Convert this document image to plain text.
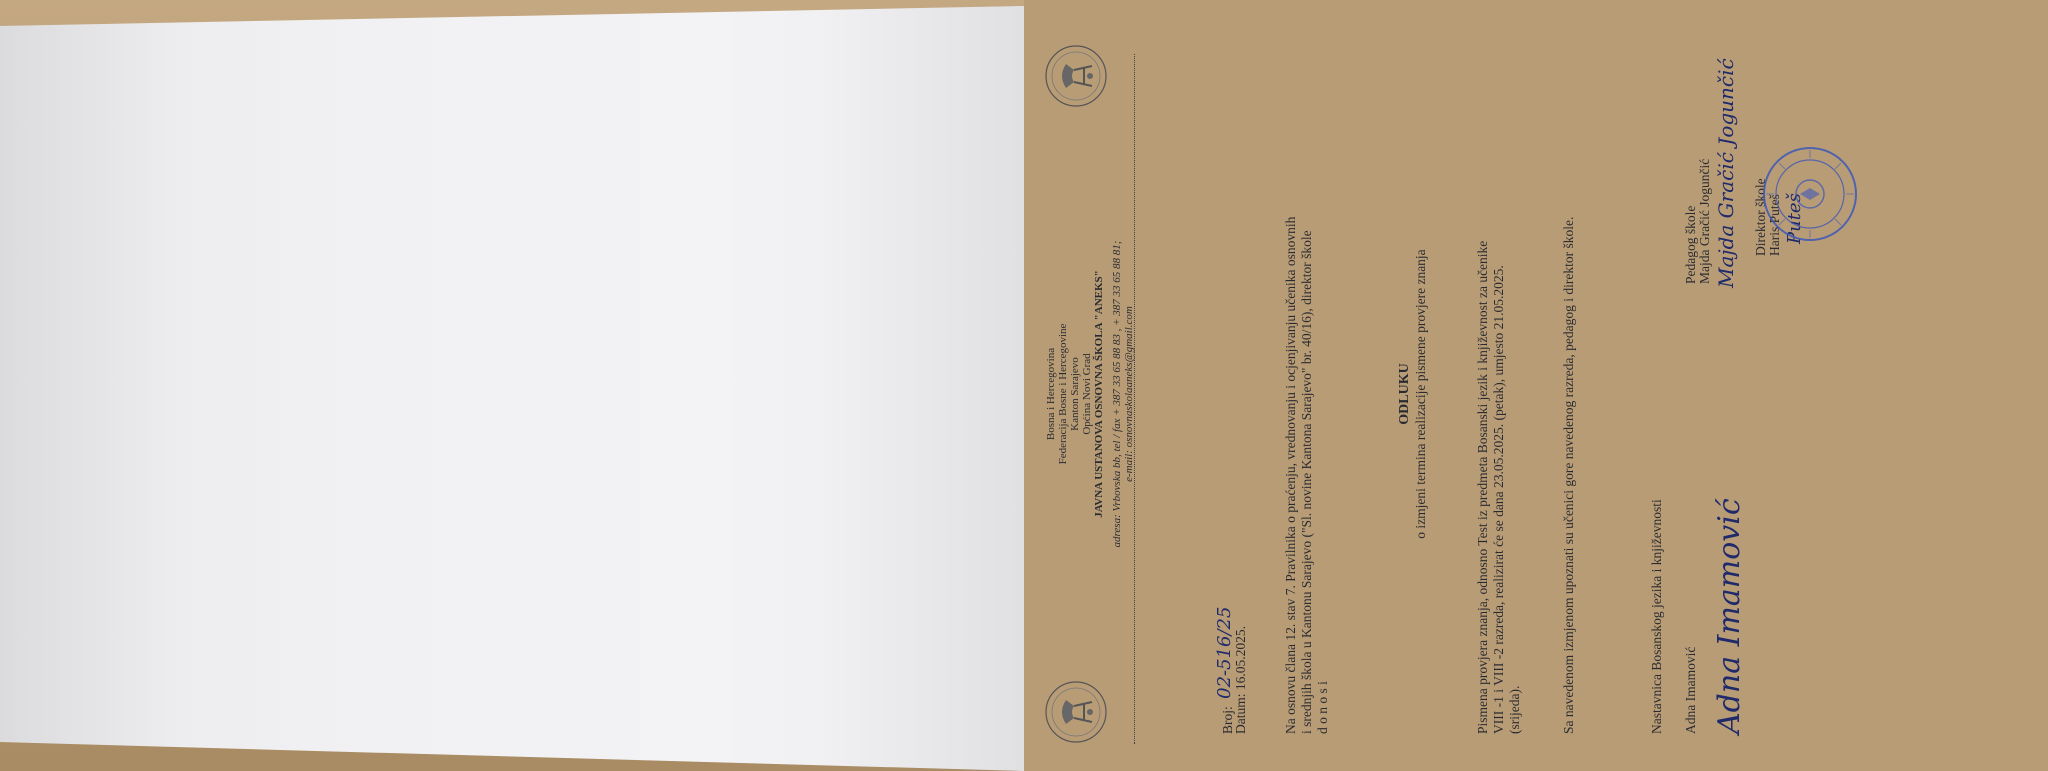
Bosna i Hercegovina Federacija Bosne i Hercegovine Kanton Sarajevo Općina Novi Grad JAVNA USTANOVA OSNOVNA ŠKOLA "ANEKS" adresa: Vrbovska bb, tel / fax + 387 33 65 88 83 , + 387 33 65 88 81; e-mail: osnovnaskolaaneks@gmail.com
Broj: 02-516/25
Datum: 16.05.2025.	Na osnovu člana 12. stav 7. Pravilnika o praćenju, vrednovanju i ocjenjivanju učenika osnovnih i srednjih škola u Kantonu Sarajevo ("Sl. novine Kantona Sarajevo" br. 40/16), direktor škole d o n o s i
ODLUKU o izmjeni termina realizacije pismene provjere znanja	Pismena provjera znanja, odnosno Test iz predmeta Bosanski jezik i književnost za učenike VIII -1 i VIII -2 razreda, realizirat će se dana 23.05.2025. (petak), umjesto 21.05.2025. (srijeda).	Sa navedenom izmjenom upoznati su učenici gore navedenog razreda, pedagog i direktor škole.	Nastavnica Bosanskog jezika i književnosti Adna Imamović Adna Imamović
Pedagog škole Majda Gračić Jogunčić Majda Gračić Jogunčić Direktor škole Haris Puteš Puteš
